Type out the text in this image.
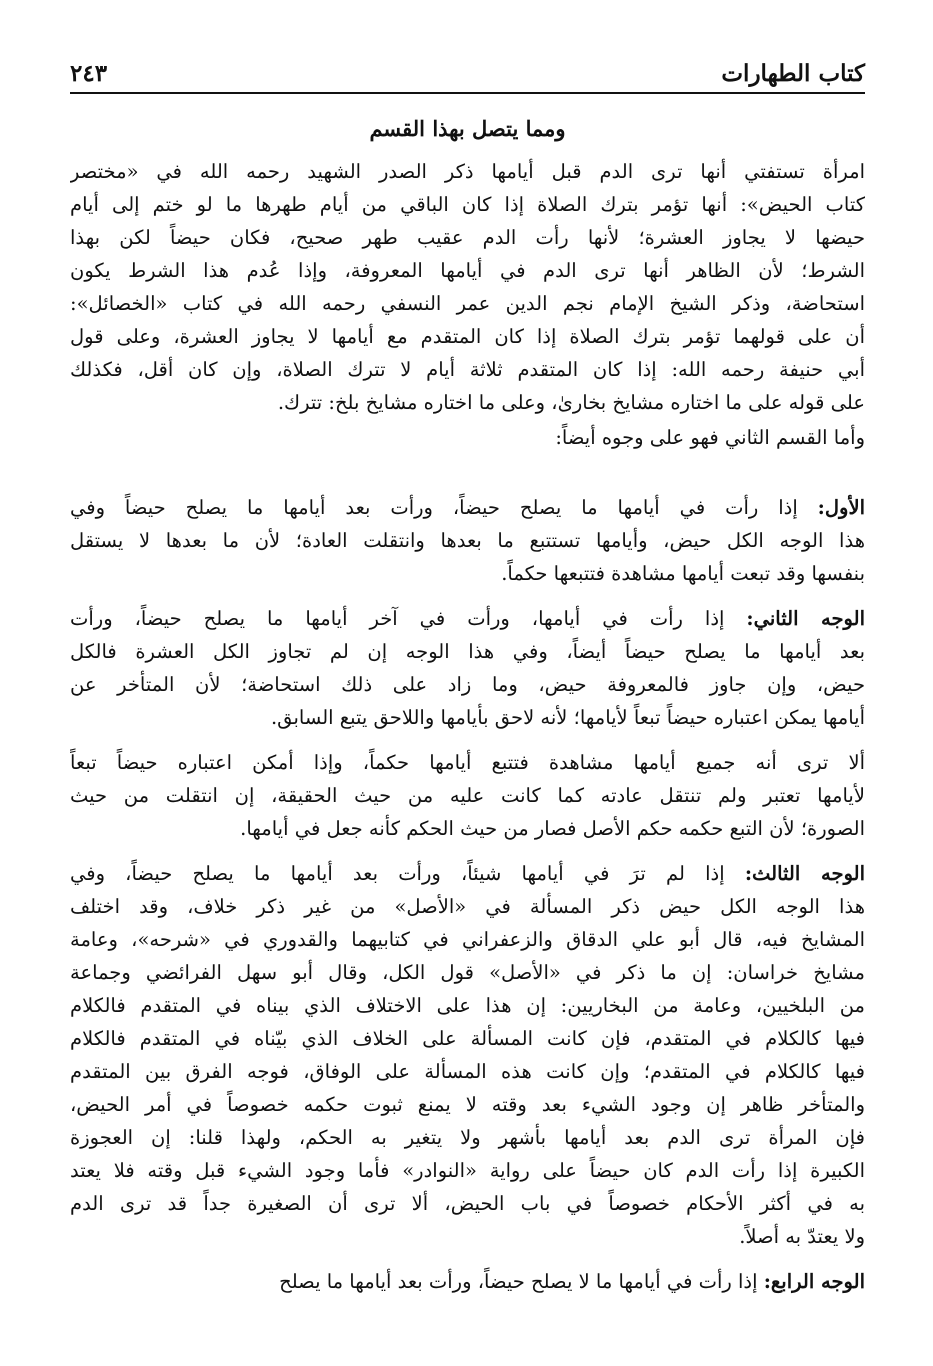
كتاب الطهارات
٢٤٣
ومما يتصل بهذا القسم
امرأة تستفتي أنها ترى الدم قبل أيامها ذكر الصدر الشهيد رحمه الله في «مختصر
كتاب الحيض»: أنها تؤمر بترك الصلاة إذا كان الباقي من أيام طهرها ما لو ختم إلى أيام
حيضها لا يجاوز العشرة؛ لأنها رأت الدم عقيب طهر صحيح، فكان حيضاً لكن بهذا
الشرط؛ لأن الظاهر أنها ترى الدم في أيامها المعروفة، وإذا عُدم هذا الشرط يكون
استحاضة، وذكر الشيخ الإمام نجم الدين عمر النسفي رحمه الله في كتاب «الخصائل»:
أن على قولهما تؤمر بترك الصلاة إذا كان المتقدم مع أيامها لا يجاوز العشرة، وعلى قول
أبي حنيفة رحمه الله: إذا كان المتقدم ثلاثة أيام لا تترك الصلاة، وإن كان أقل، فكذلك
على قوله على ما اختاره مشايخ بخارىٰ، وعلى ما اختاره مشايخ بلخ: تترك.
وأما القسم الثاني فهو على وجوه أيضاً:
الأول: إذا رأت في أيامها ما يصلح حيضاً، ورأت بعد أيامها ما يصلح حيضاً وفي
هذا الوجه الكل حيض، وأيامها تستتبع ما بعدها وانتقلت العادة؛ لأن ما بعدها لا يستقل
بنفسها وقد تبعت أيامها مشاهدة فتتبعها حكماً.
الوجه الثاني: إذا رأت في أيامها، ورأت في آخر أيامها ما يصلح حيضاً، ورأت
بعد أيامها ما يصلح حيضاً أيضاً، وفي هذا الوجه إن لم تجاوز الكل العشرة فالكل
حيض، وإن جاوز فالمعروفة حيض، وما زاد على ذلك استحاضة؛ لأن المتأخر عن
أيامها يمكن اعتباره حيضاً تبعاً لأيامها؛ لأنه لاحق بأيامها واللاحق يتبع السابق.
ألا ترى أنه جميع أيامها مشاهدة فتتبع أيامها حكماً، وإذا أمكن اعتباره حيضاً تبعاً
لأيامها تعتبر ولم تنتقل عادته كما كانت عليه من حيث الحقيقة، إن انتقلت من حيث
الصورة؛ لأن التبع حكمه حكم الأصل فصار من حيث الحكم كأنه جعل في أيامها.
الوجه الثالث: إذا لم ترَ في أيامها شيئاً، ورأت بعد أيامها ما يصلح حيضاً، وفي
هذا الوجه الكل حيض ذكر المسألة في «الأصل» من غير ذكر خلاف، وقد اختلف
المشايخ فيه، قال أبو علي الدقاق والزعفراني في كتابيهما والقدوري في «شرحه»، وعامة
مشايخ خراسان: إن ما ذكر في «الأصل» قول الكل، وقال أبو سهل الفرائضي وجماعة
من البلخيين، وعامة من البخاريين: إن هذا على الاختلاف الذي بيناه في المتقدم فالكلام
فيها كالكلام في المتقدم، فإن كانت المسألة على الخلاف الذي بيّناه في المتقدم فالكلام
فيها كالكلام في المتقدم؛ وإن كانت هذه المسألة على الوفاق، فوجه الفرق بين المتقدم
والمتأخر ظاهر إن وجود الشيء بعد وقته لا يمنع ثبوت حكمه خصوصاً في أمر الحيض،
فإن المرأة ترى الدم بعد أيامها بأشهر ولا يتغير به الحكم، ولهذا قلنا: إن العجوزة
الكبيرة إذا رأت الدم كان حيضاً على رواية «النوادر» فأما وجود الشيء قبل وقته فلا يعتد
به في أكثر الأحكام خصوصاً في باب الحيض، ألا ترى أن الصغيرة جداً قد ترى الدم
ولا يعتدّ به أصلاً.
الوجه الرابع: إذا رأت في أيامها ما لا يصلح حيضاً، ورأت بعد أيامها ما يصلح
